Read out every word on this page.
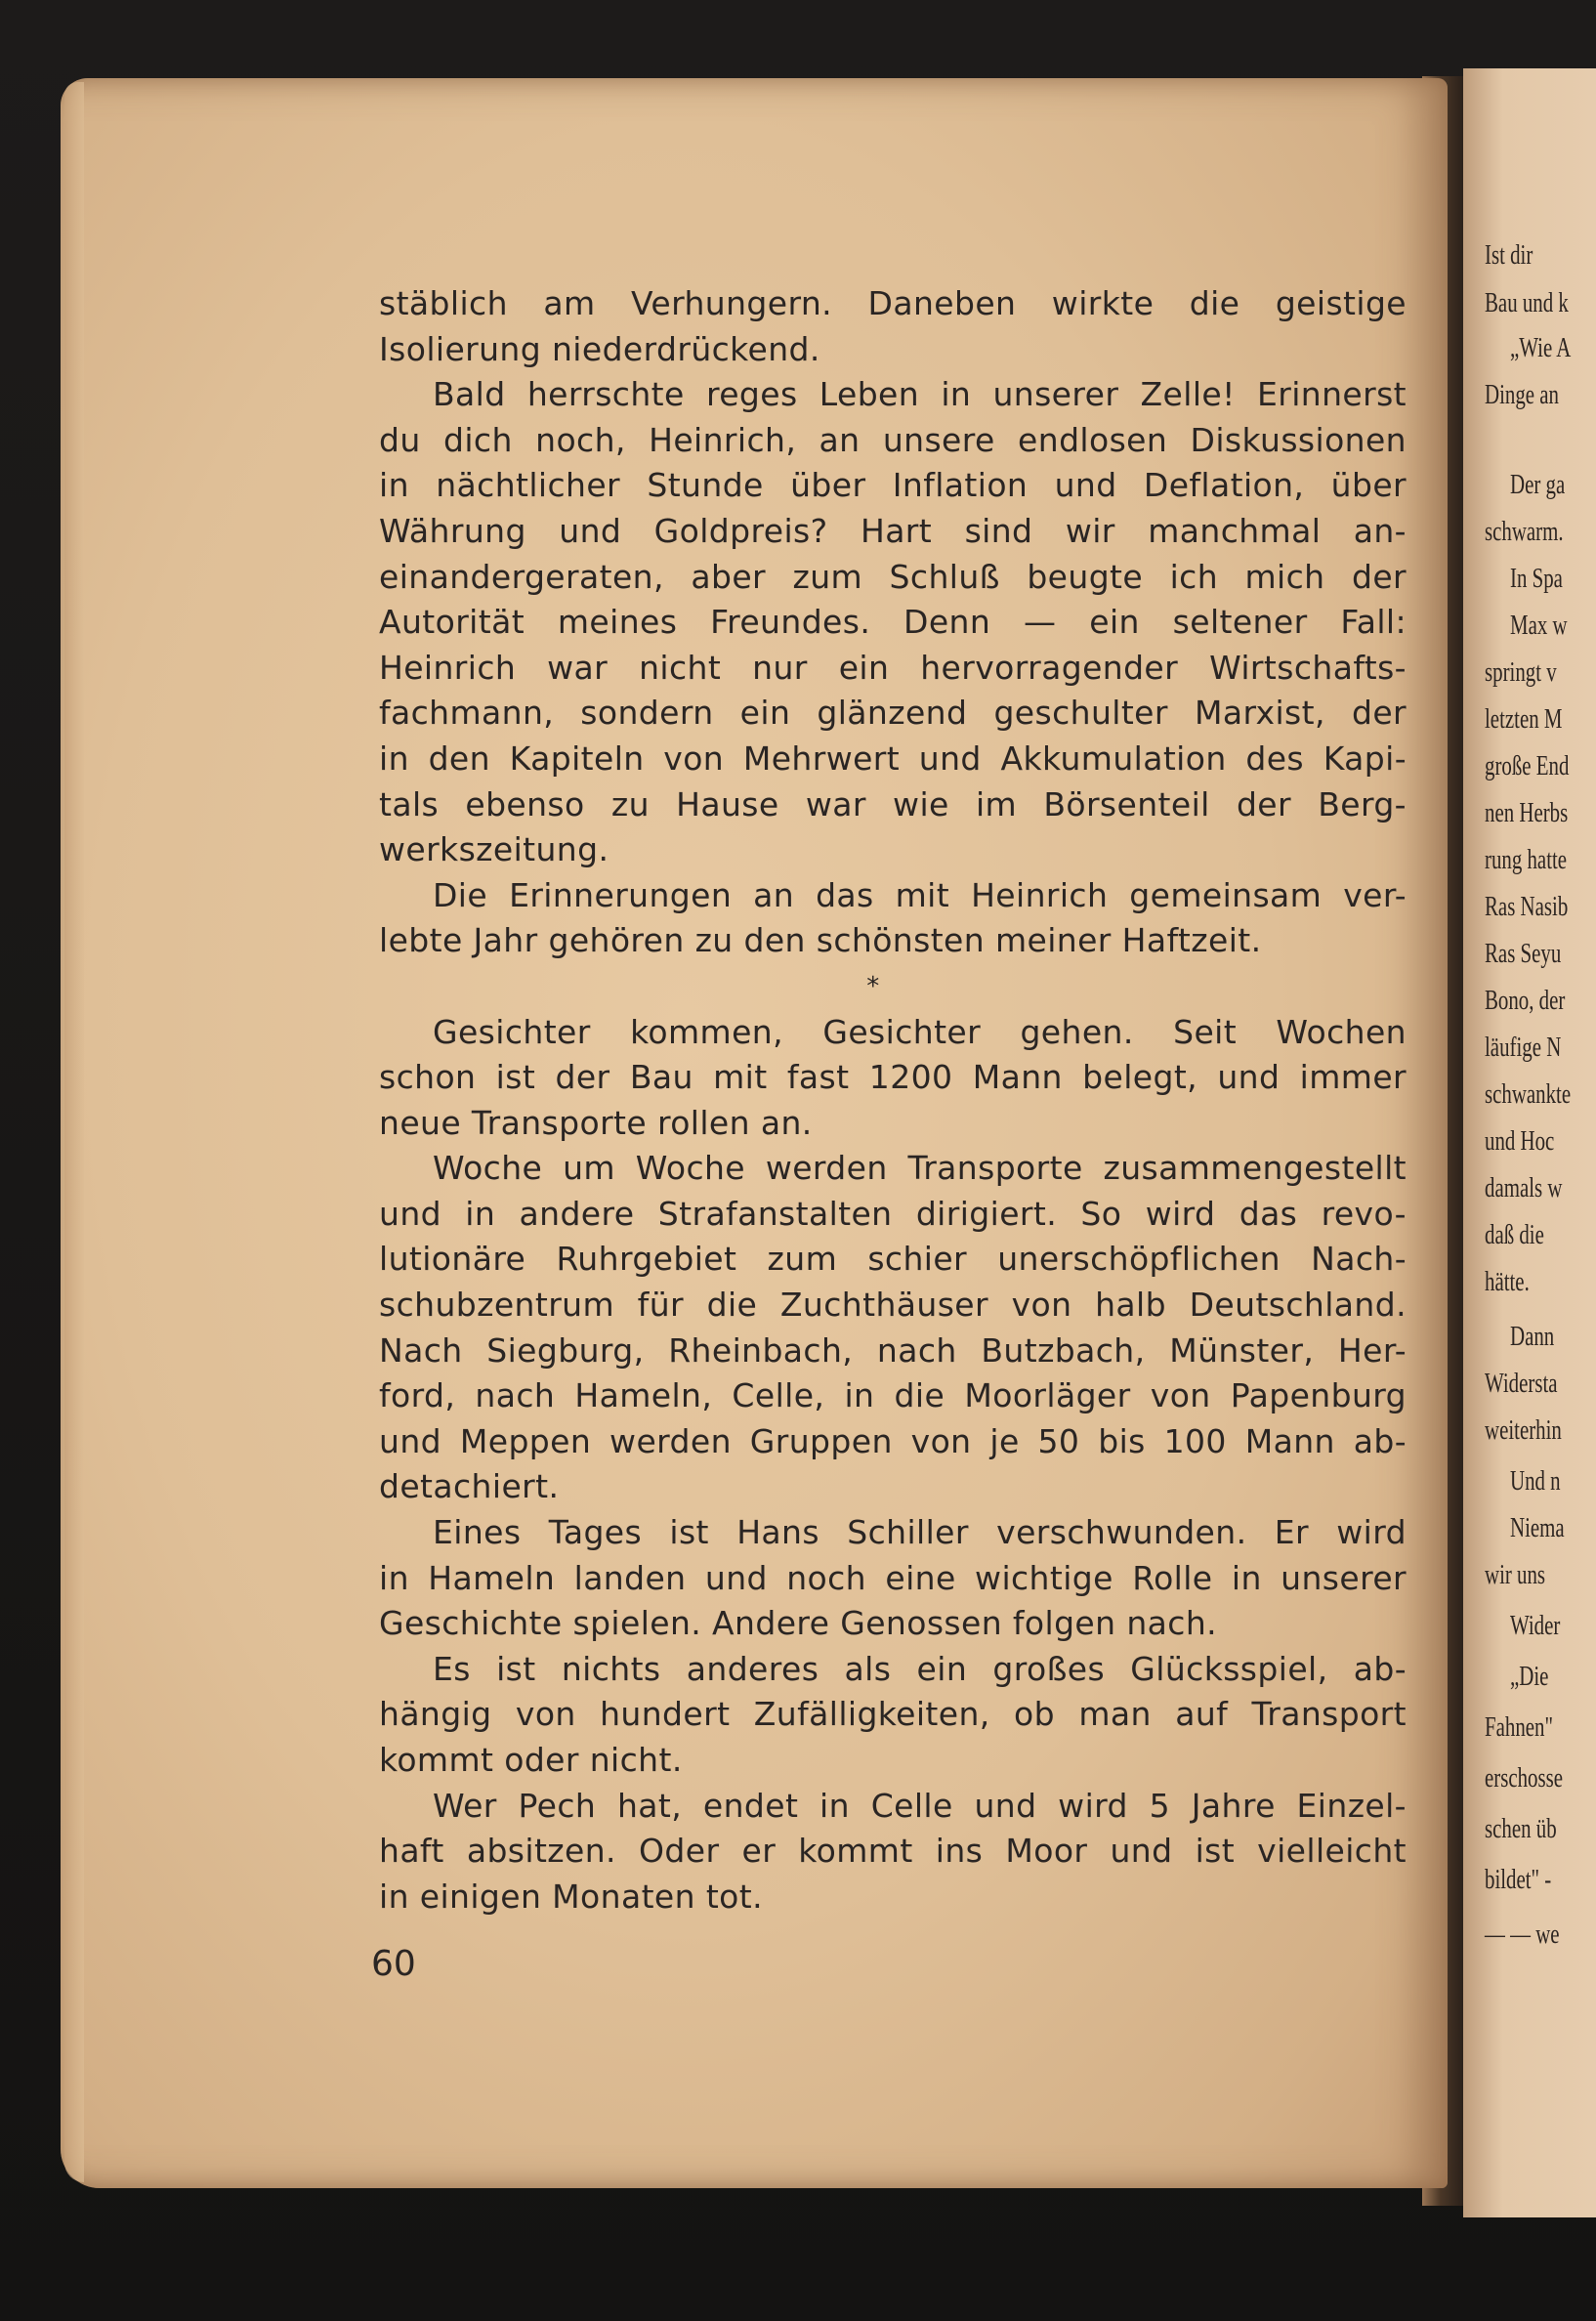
Ist dir
Bau und k
„Wie A
Dinge an
Der ga
schwarm.
In Spa
Max w
springt v
letzten M
große End
nen Herbs
rung hatte
Ras Nasib
Ras Seyu
Bono, der
läufige N
schwankte
und Hoc
damals w
daß die
hätte.
Dann
Widersta
weiterhin
Und n
Niema
wir uns
Wider
„Die
Fahnen"
erschosse
schen üb
bildet" -
— — we
stäblich am Verhungern. Daneben wirkte die geistige
Isolierung niederdrückend.
Bald herrschte reges Leben in unserer Zelle! Erinnerst
du dich noch, Heinrich, an unsere endlosen Diskussionen
in nächtlicher Stunde über Inflation und Deflation, über
Währung und Goldpreis? Hart sind wir manchmal an-
einandergeraten, aber zum Schluß beugte ich mich der
Autorität meines Freundes. Denn — ein seltener Fall:
Heinrich war nicht nur ein hervorragender Wirtschafts-
fachmann, sondern ein glänzend geschulter Marxist, der
in den Kapiteln von Mehrwert und Akkumulation des Kapi-
tals ebenso zu Hause war wie im Börsenteil der Berg-
werkszeitung.
Die Erinnerungen an das mit Heinrich gemeinsam ver-
lebte Jahr gehören zu den schönsten meiner Haftzeit.
*
Gesichter kommen, Gesichter gehen. Seit Wochen
schon ist der Bau mit fast 1200 Mann belegt, und immer
neue Transporte rollen an.
Woche um Woche werden Transporte zusammengestellt
und in andere Strafanstalten dirigiert. So wird das revo-
lutionäre Ruhrgebiet zum schier unerschöpflichen Nach-
schubzentrum für die Zuchthäuser von halb Deutschland.
Nach Siegburg, Rheinbach, nach Butzbach, Münster, Her-
ford, nach Hameln, Celle, in die Moorläger von Papenburg
und Meppen werden Gruppen von je 50 bis 100 Mann ab-
detachiert.
Eines Tages ist Hans Schiller verschwunden. Er wird
in Hameln landen und noch eine wichtige Rolle in unserer
Geschichte spielen. Andere Genossen folgen nach.
Es ist nichts anderes als ein großes Glücksspiel, ab-
hängig von hundert Zufälligkeiten, ob man auf Transport
kommt oder nicht.
Wer Pech hat, endet in Celle und wird 5 Jahre Einzel-
haft absitzen. Oder er kommt ins Moor und ist vielleicht
in einigen Monaten tot.
60
